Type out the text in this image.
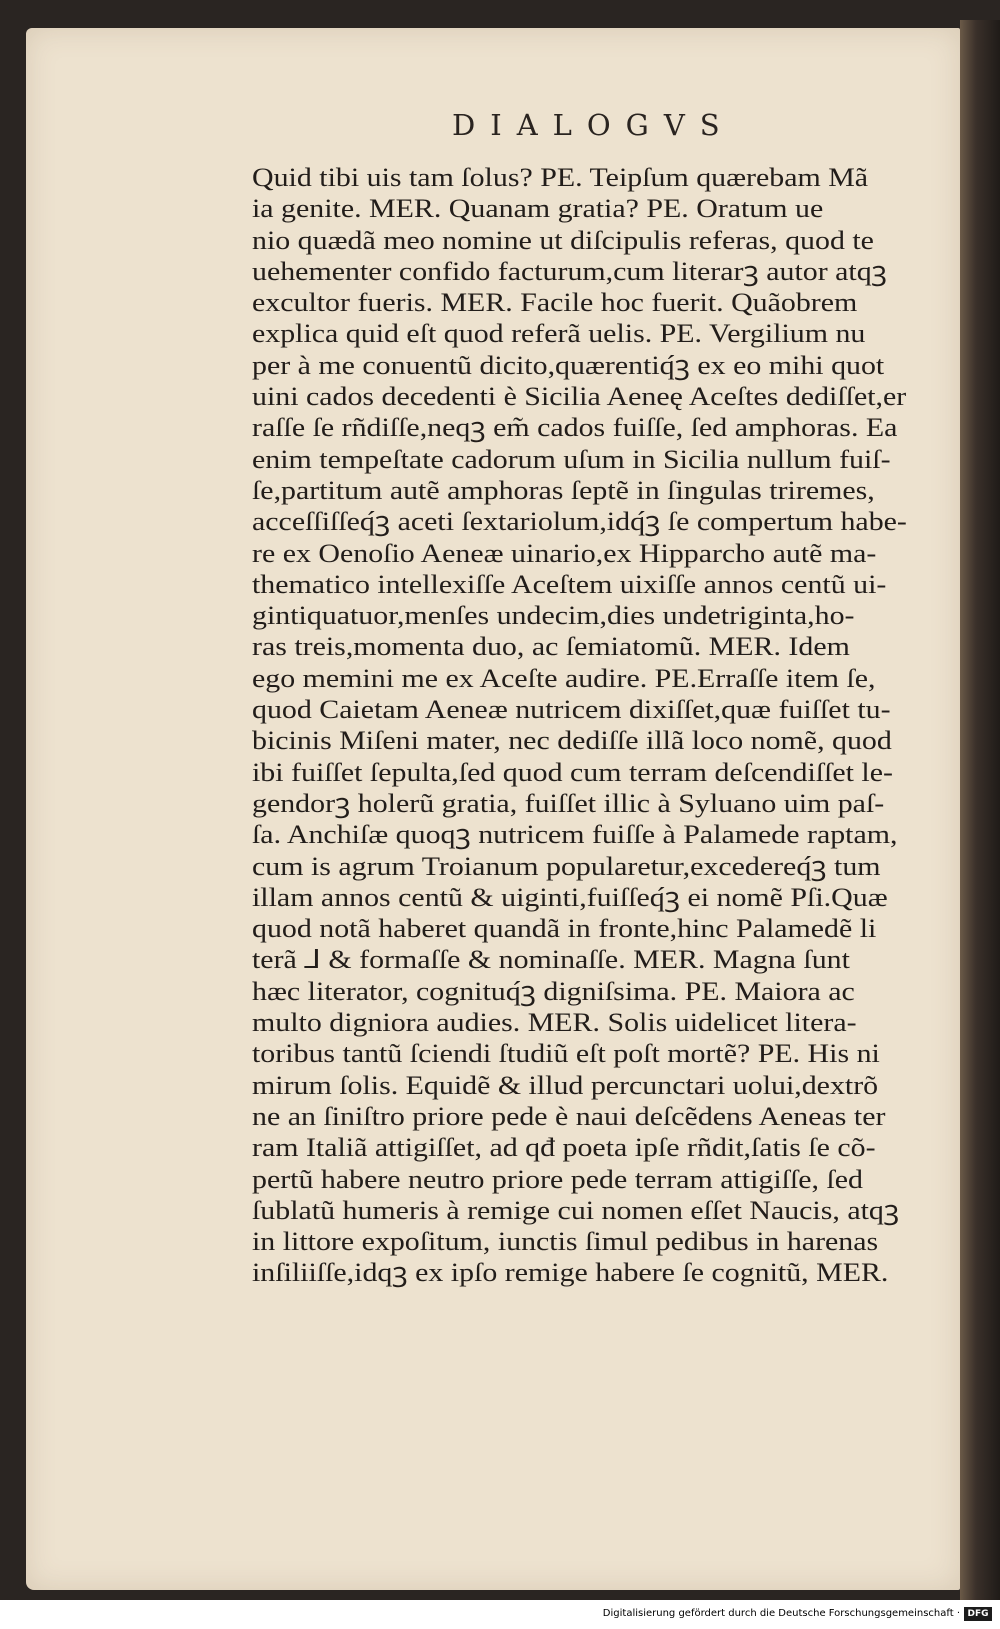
DIALOGVS
Quid tibi uis tam ſolus? PE. Teipſum quærebam Mã
ia genite. MER. Quanam gratia? PE. Oratum ue
nio quædã meo nomine ut diſcipulis referas, quod te
uehementer confido facturum,cum literarꝫ autor atqꝫ
excultor fueris. MER. Facile hoc fuerit. Quãobrem
explica quid eſt quod referã uelis. PE. Vergilium nu
per à me conuentũ dicito,quærentiq́ꝫ ex eo mihi quot
uini cados decedenti è Sicilia Aeneę Aceſtes dediſſet,er
raſſe ſe rñdiſſe,neqꝫ em̃ cados fuiſſe, ſed amphoras. Ea
enim tempeſtate cadorum uſum in Sicilia nullum fuiſ-
ſe,partitum autẽ amphoras ſeptẽ in ſingulas triremes,
acceſſiſſeq́ꝫ aceti ſextariolum,idq́ꝫ ſe compertum habe-
re ex Oenoſio Aeneæ uinario,ex Hipparcho autẽ ma-
thematico intellexiſſe Aceſtem uixiſſe annos centũ ui-
gintiquatuor,menſes undecim,dies undetriginta,ho-
ras treis,momenta duo, ac ſemiatomũ. MER. Idem
ego memini me ex Aceſte audire. PE.Erraſſe item ſe,
quod Caietam Aeneæ nutricem dixiſſet,quæ fuiſſet tu-
bicinis Miſeni mater, nec dediſſe illã loco nomẽ, quod
ibi fuiſſet ſepulta,ſed quod cum terram deſcendiſſet le-
gendorꝫ holerũ gratia, fuiſſet illic à Syluano uim paſ-
ſa. Anchiſæ quoqꝫ nutricem fuiſſe à Palamede raptam,
cum is agrum Troianum popularetur,excedereq́ꝫ tum
illam annos centũ & uiginti,fuiſſeq́ꝫ ei nomẽ Pſi.Quæ
quod notã haberet quandã in fronte,hinc Palamedẽ li
terã ⅃ & formaſſe & nominaſſe. MER. Magna ſunt
hæc literator, cognituq́ꝫ digniſsima. PE. Maiora ac
multo digniora audies. MER. Solis uidelicet litera-
toribus tantũ ſciendi ſtudiũ eſt poſt mortẽ? PE. His ni
mirum ſolis. Equidẽ & illud percunctari uolui,dextrõ
ne an ſiniſtro priore pede è naui deſcẽdens Aeneas ter
ram Italiã attigiſſet, ad qđ poeta ipſe rñdit,ſatis ſe cõ-
pertũ habere neutro priore pede terram attigiſſe, ſed
ſublatũ humeris à remige cui nomen eſſet Naucis, atqꝫ
in littore expoſitum, iunctis ſimul pedibus in harenas
inſiliiſſe,idqꝫ ex ipſo remige habere ſe cognitũ, MER.
Digitalisierung gefördert durch die Deutsche Forschungsgemeinschaft · DFG
